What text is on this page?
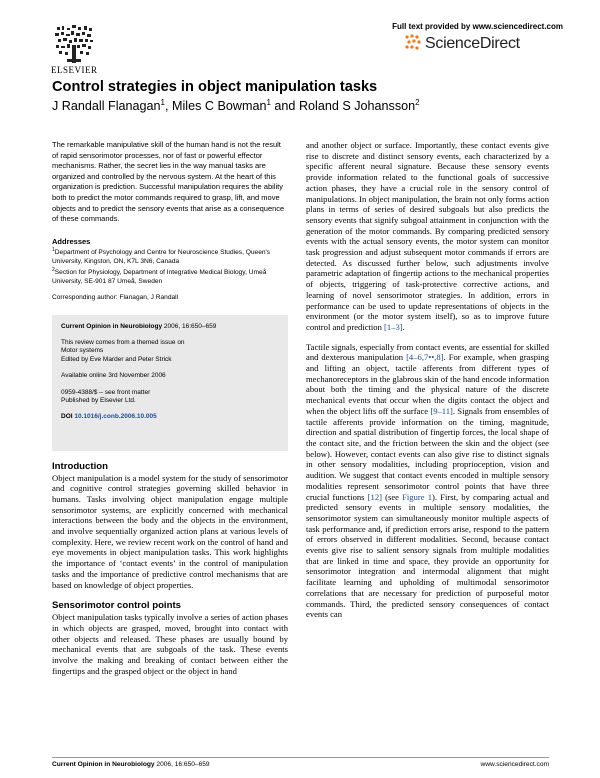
ELSEVIER
Full text provided by www.sciencedirect.com
ScienceDirect
Control strategies in object manipulation tasks
J Randall Flanagan$^1$, Miles C Bowman$^1$ and Roland S Johansson$^2$
The remarkable manipulative skill of the human hand is not the result of rapid sensorimotor processes, nor of fast or powerful effector mechanisms. Rather, the secret lies in the way manual tasks are organized and controlled by the nervous system. At the heart of this organization is prediction. Successful manipulation requires the ability both to predict the motor commands required to grasp, lift, and move objects and to predict the sensory events that arise as a consequence of these commands.
Addresses
$^1$Department of Psychology and Centre for Neuroscience Studies, Queen's University, Kingston, ON, K7L 3N6, Canada
$^2$Section for Physiology, Department of Integrative Medical Biology, Umeå University, SE-901 87 Umeå, Sweden
Corresponding author: Flanagan, J Randall

Current Opinion in Neurobiology 2006, 16:650–659

This review comes from a themed issue on

Motor systems

Edited by Eve Marder and Peter Strick

Available online 3rd November 2006

0959-4388/$ – see front matter

Published by Elsevier Ltd.

DOI 10.1016/j.conb.2006.10.005

Introduction
Object manipulation is a model system for the study of sensorimotor and cognitive control strategies governing skilled behavior in humans. Tasks involving object manipulation engage multiple sensorimotor systems, are explicitly concerned with mechanical interactions between the body and the objects in the environment, and involve sequentially organized action plans at various levels of complexity. Here, we review recent work on the control of hand and eye movements in object manipulation tasks. This work highlights the importance of ‘contact events’ in the control of manipulation tasks and the importance of predictive control mechanisms that are based on knowledge of object properties.
Sensorimotor control points
Object manipulation tasks typically involve a series of action phases in which objects are grasped, moved, brought into contact with other objects and released. These phases are usually bound by mechanical events that are subgoals of the task. These events involve the making and breaking of contact between either the fingertips and the grasped object or the object in hand

and another object or surface. Importantly, these contact events give rise to discrete and distinct sensory events, each characterized by a specific afferent neural signature. Because these sensory events provide information related to the functional goals of successive action phases, they have a crucial role in the sensory control of manipulations. In object manipulation, the brain not only forms action plans in terms of series of desired subgoals but also predicts the sensory events that signify subgoal attainment in conjunction with the generation of the motor commands. By comparing predicted sensory events with the actual sensory events, the motor system can monitor task progression and adjust subsequent motor commands if errors are detected. As discussed further below, such adjustments involve parametric adaptation of fingertip actions to the mechanical properties of objects, triggering of task-protective corrective actions, and learning of novel sensorimotor strategies. In addition, errors in performance can be used to update representations of objects in the environment (or the motor system itself), so as to improve future control and prediction [1–3].

Tactile signals, especially from contact events, are essential for skilled and dexterous manipulation [4–6,7••,8]. For example, when grasping and lifting an object, tactile afferents from different types of mechanoreceptors in the glabrous skin of the hand encode information about both the timing and the physical nature of the discrete mechanical events that occur when the digits contact the object and when the object lifts off the surface [9–11]. Signals from ensembles of tactile afferents provide information on the timing, magnitude, direction and spatial distribution of fingertip forces, the local shape of the contact site, and the friction between the skin and the object (see below). However, contact events can also give rise to distinct signals in other sensory modalities, including proprioception, vision and audition. We suggest that contact events encoded in multiple sensory modalities represent sensorimotor control points that have three crucial functions [12] (see Figure 1). First, by comparing actual and predicted sensory events in multiple sensory modalities, the sensorimotor system can simultaneously monitor multiple aspects of task performance and, if prediction errors arise, respond to the pattern of errors observed in different modalities. Second, because contact events give rise to salient sensory signals from multiple modalities that are linked in time and space, they provide an opportunity for sensorimotor integration and intermodal alignment that might facilitate learning and upholding of multimodal sensorimotor correlations that are necessary for prediction of purposeful motor commands. Third, the predicted sensory consequences of contact events can

Current Opinion in Neurobiology 2006, 16:650–659	www.sciencedirect.com
